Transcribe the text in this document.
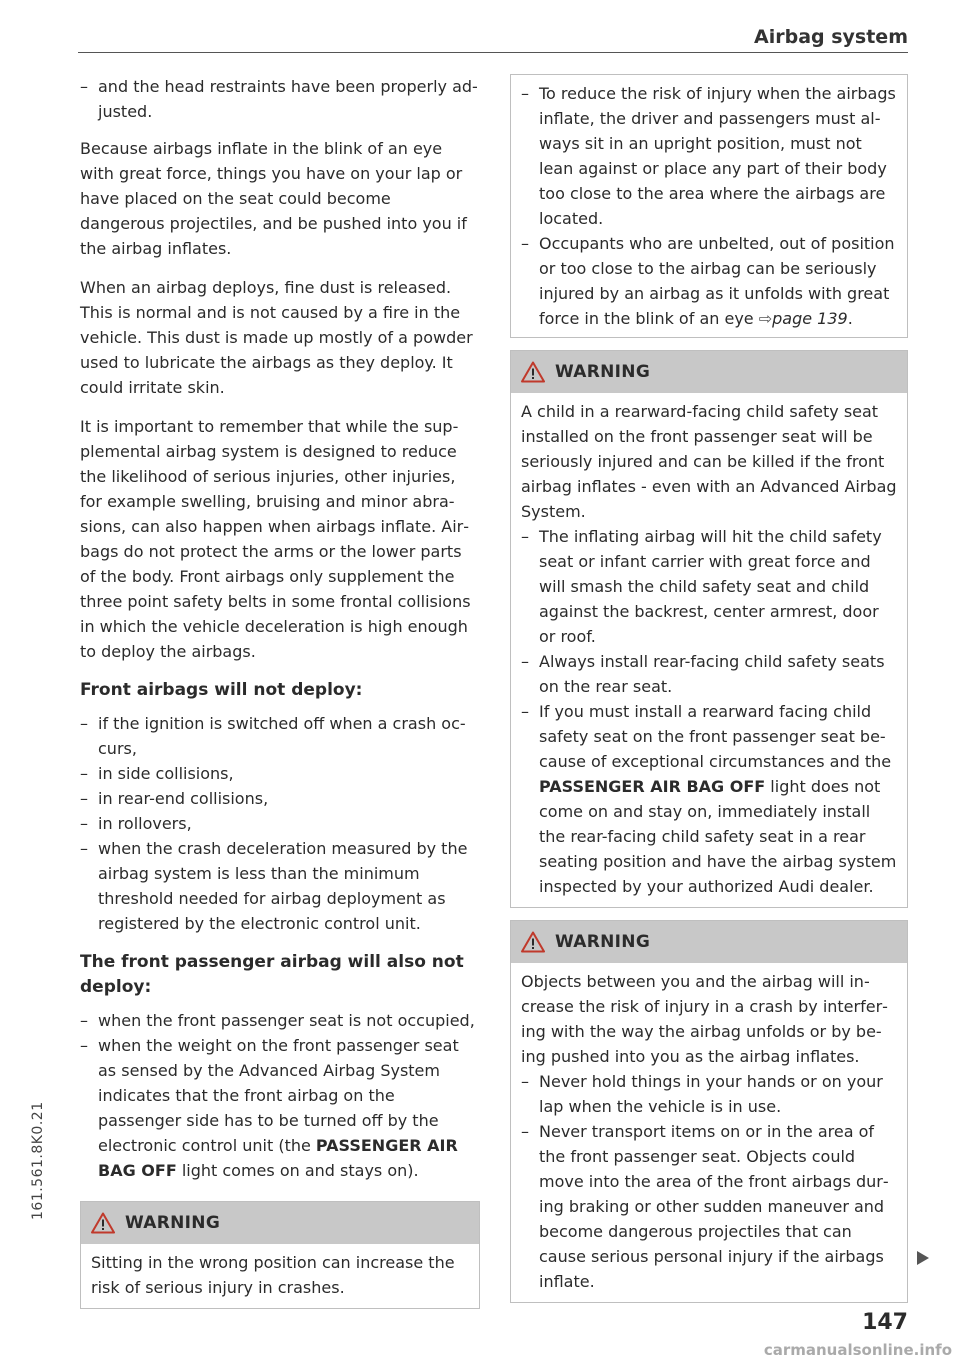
Airbag system
– and the head restraints have been properly adjusted.

Because airbags inflate in the blink of an eye with great force, things you have on your lap or have placed on the seat could become dangerous projectiles, and be pushed into you if the airbag inflates.

When an airbag deploys, fine dust is released. This is normal and is not caused by a fire in the vehicle. This dust is made up mostly of a powder used to lubricate the airbags as they deploy. It could irritate skin.

It is important to remember that while the supplemental airbag system is designed to reduce the likelihood of serious injuries, other injuries, for example swelling, bruising and minor abrasions, can also happen when airbags inflate. Airbags do not protect the arms or the lower parts of the body. Front airbags only supplement the three point safety belts in some frontal collisions in which the vehicle deceleration is high enough to deploy the airbags.

Front airbags will not deploy:
– if the ignition is switched off when a crash occurs,
– in side collisions,
– in rear-end collisions,
– in rollovers,
– when the crash deceleration measured by the airbag system is less than the minimum threshold needed for airbag deployment as registered by the electronic control unit.
The front passenger airbag will also not deploy:
– when the front passenger seat is not occupied,
– when the weight on the front passenger seat as sensed by the Advanced Airbag System indicates that the front airbag on the passenger side has to be turned off by the electronic control unit (the PASSENGER AIR BAG OFF light comes on and stays on).
WARNING

Sitting in the wrong position can increase the risk of serious injury in crashes.

– To reduce the risk of injury when the airbags inflate, the driver and passengers must always sit in an upright position, must not lean against or place any part of their body too close to the area where the airbags are located.
– Occupants who are unbelted, out of position or too close to the airbag can be seriously injured by an airbag as it unfolds with great force in the blink of an eye ⇨page 139.
WARNING

A child in a rearward-facing child safety seat installed on the front passenger seat will be seriously injured and can be killed if the front airbag inflates - even with an Advanced Airbag System.

– The inflating airbag will hit the child safety seat or infant carrier with great force and will smash the child safety seat and child against the backrest, center armrest, door or roof.
– Always install rear-facing child safety seats on the rear seat.
– If you must install a rearward facing child safety seat on the front passenger seat because of exceptional circumstances and the PASSENGER AIR BAG OFF light does not come on and stay on, immediately install the rear-facing child safety seat in a rear seating position and have the airbag system inspected by your authorized Audi dealer.
WARNING

Objects between you and the airbag will increase the risk of injury in a crash by interfering with the way the airbag unfolds or by being pushed into you as the airbag inflates.

– Never hold things in your hands or on your lap when the vehicle is in use.
– Never transport items on or in the area of the front passenger seat. Objects could move into the area of the front airbags during braking or other sudden maneuver and become dangerous projectiles that can cause serious personal injury if the airbags inflate.
161.561.8K0.21
147
carmanualsonline.info
